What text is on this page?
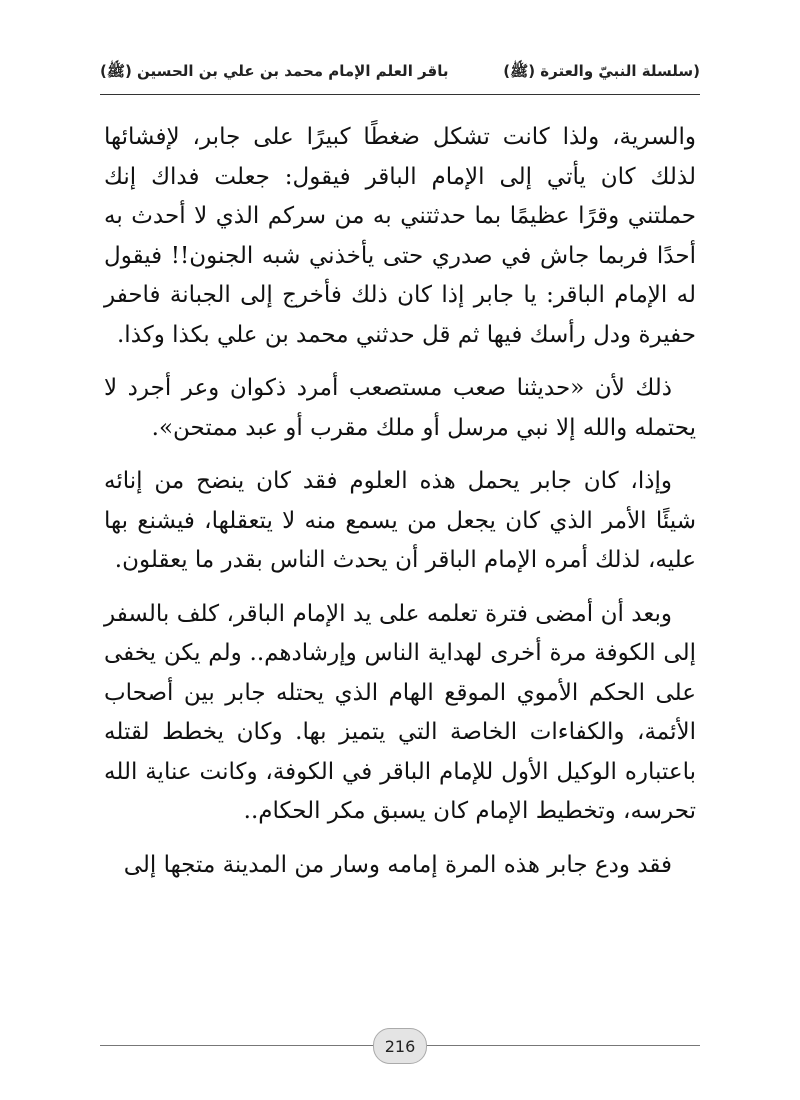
(سلسلة النبيّ والعترة (ﷺ)
باقر العلم الإمام محمد بن علي بن الحسين (ﷺ)

والسرية، ولذا كانت تشكل ضغطًا كبيرًا على جابر، لإفشائها لذلك كان يأتي إلى الإمام الباقر فيقول: جعلت فداك إنك حملتني وقرًا عظيمًا بما حدثتني به من سركم الذي لا أحدث به أحدًا فربما جاش في صدري حتى يأخذني شبه الجنون!! فيقول له الإمام الباقر: يا جابر إذا كان ذلك فأخرج إلى الجبانة فاحفر حفيرة ودل رأسك فيها ثم قل حدثني محمد بن علي بكذا وكذا.

ذلك لأن «حديثنا صعب مستصعب أمرد ذكوان وعر أجرد لا يحتمله والله إلا نبي مرسل أو ملك مقرب أو عبد ممتحن».

وإذا، كان جابر يحمل هذه العلوم فقد كان ينضح من إنائه شيئًا الأمر الذي كان يجعل من يسمع منه لا يتعقلها، فيشنع بها عليه، لذلك أمره الإمام الباقر أن يحدث الناس بقدر ما يعقلون.

وبعد أن أمضى فترة تعلمه على يد الإمام الباقر، كلف بالسفر إلى الكوفة مرة أخرى لهداية الناس وإرشادهم.. ولم يكن يخفى على الحكم الأموي الموقع الهام الذي يحتله جابر بين أصحاب الأئمة، والكفاءات الخاصة التي يتميز بها. وكان يخطط لقتله باعتباره الوكيل الأول للإمام الباقر في الكوفة، وكانت عناية الله تحرسه، وتخطيط الإمام كان يسبق مكر الحكام..

فقد ودع جابر هذه المرة إمامه وسار من المدينة متجها إلى

216
